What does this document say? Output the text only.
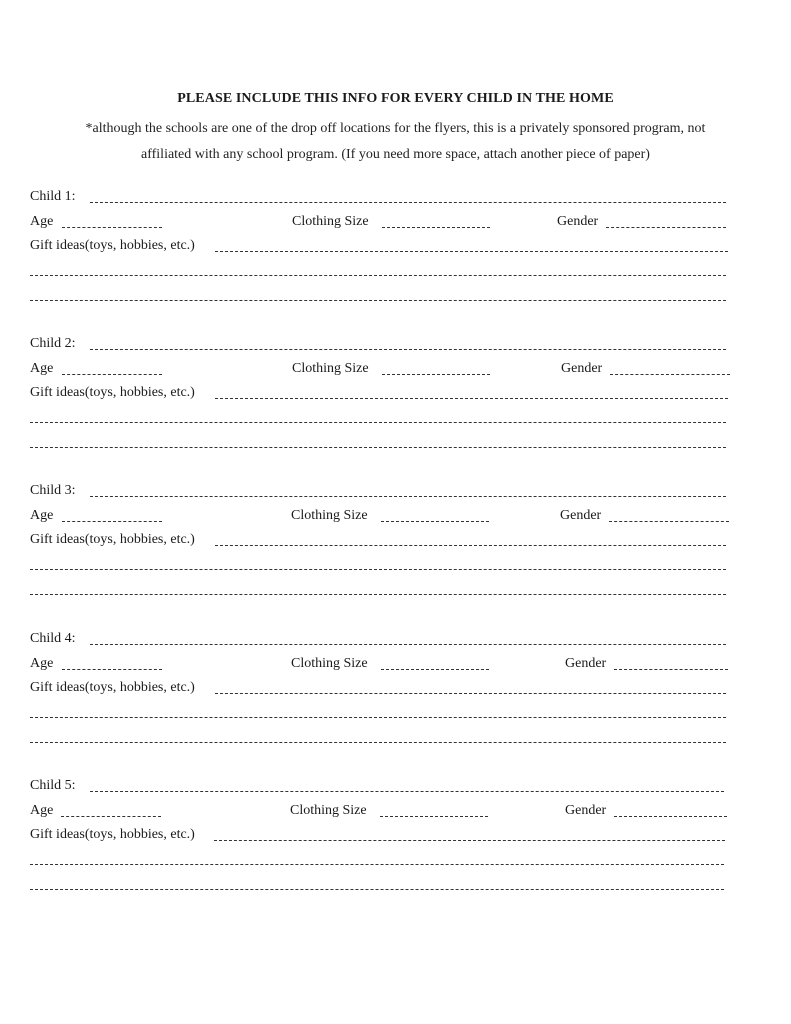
PLEASE INCLUDE THIS INFO FOR EVERY CHILD IN THE HOME
*although the schools are one of the drop off locations for the flyers, this is a privately sponsored program, not
affiliated with any school program. (If you need more space, attach another piece of paper)
Child 1:
Age	Clothing Size	Gender
Gift ideas(toys, hobbies, etc.)
Child 2:
Age	Clothing Size	Gender
Gift ideas(toys, hobbies, etc.)
Child 3:
Age	Clothing Size	Gender
Gift ideas(toys, hobbies, etc.)
Child 4:
Age	Clothing Size	Gender
Gift ideas(toys, hobbies, etc.)
Child 5:
Age	Clothing Size	Gender
Gift ideas(toys, hobbies, etc.)
